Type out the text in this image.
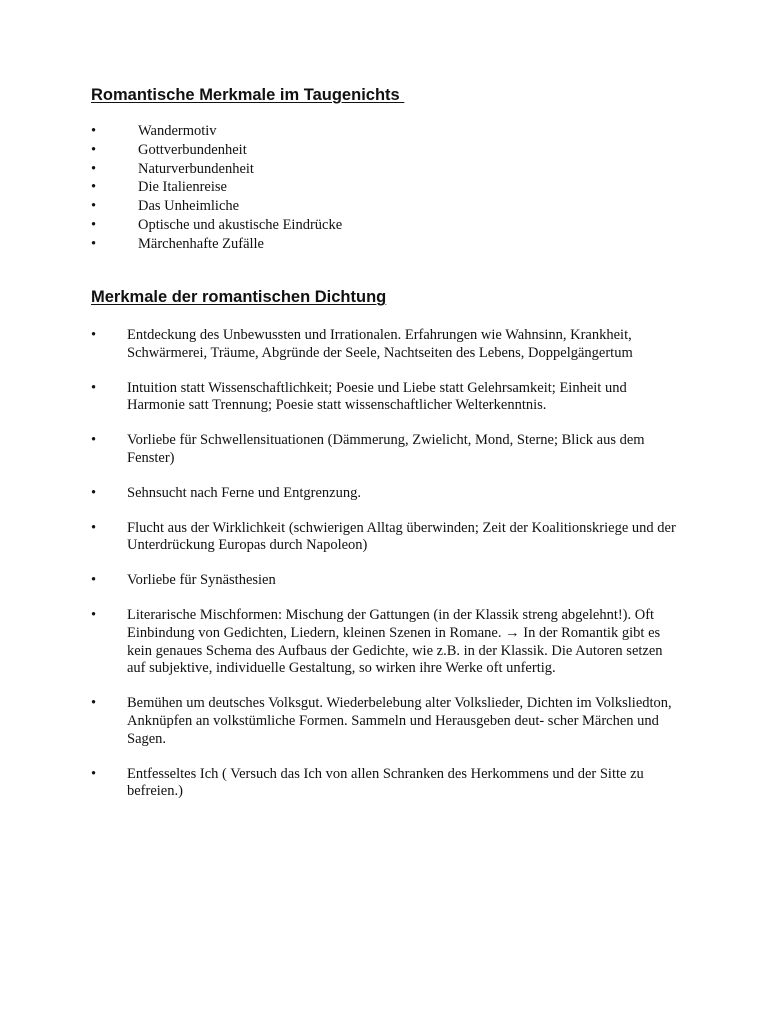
Romantische Merkmale im Taugenichts
•	Wandermotiv
•	Gottverbundenheit
•	Naturverbundenheit
•	Die Italienreise
•	Das Unheimliche
•	Optische und akustische Eindrücke
•	Märchenhafte Zufälle
Merkmale der romantischen Dichtung
• Entdeckung des Unbewussten und Irrationalen. Erfahrungen wie Wahnsinn, Krankheit, Schwärmerei, Träume, Abgründe der Seele, Nachtseiten des Lebens, Doppelgängertum
• Intuition statt Wissenschaftlichkeit; Poesie und Liebe statt Gelehrsamkeit; Einheit und Harmonie satt Trennung; Poesie statt wissenschaftlicher Welterkenntnis.
• Vorliebe für Schwellensituationen (Dämmerung, Zwielicht, Mond, Sterne; Blick aus dem Fenster)
• Sehnsucht nach Ferne und Entgrenzung.
• Flucht aus der Wirklichkeit (schwierigen Alltag überwinden; Zeit der Koalitionskriege und der Unterdrückung Europas durch Napoleon)
• Vorliebe für Synästhesien
• Literarische Mischformen: Mischung der Gattungen (in der Klassik streng abgelehnt!). Oft Einbindung von Gedichten, Liedern, kleinen Szenen in Romane. → In der Romantik gibt es kein genaues Schema des Aufbaus der Gedichte, wie z.B. in der Klassik. Die Autoren setzen auf subjektive, individuelle Gestaltung, so wirken ihre Werke oft unfertig.
• Bemühen um deutsches Volksgut. Wiederbelebung alter Volkslieder, Dichten im Volksliedton, Anknüpfen an volkstümliche Formen. Sammeln und Herausgeben deut- scher Märchen und Sagen.
• Entfesseltes Ich ( Versuch das Ich von allen Schranken des Herkommens und der Sitte zu befreien.)
